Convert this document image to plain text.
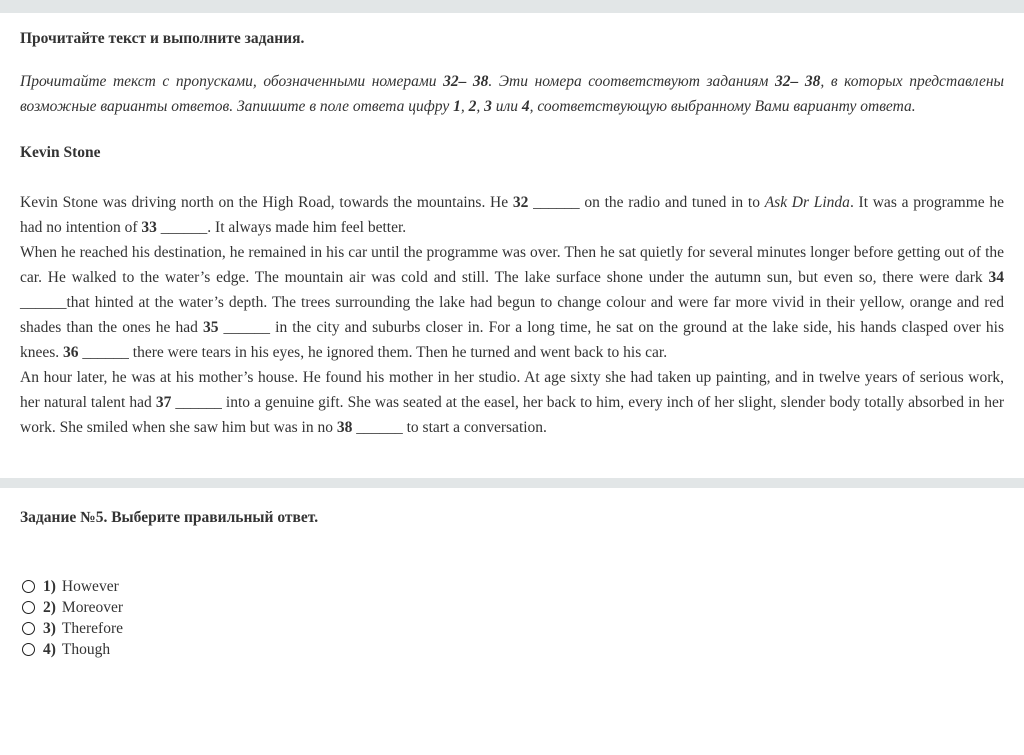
Прочитайте текст и выполните задания.

Прочитайте текст с пропусками, обозначенными номерами 32– 38. Эти номера соответствуют заданиям 32– 38, в которых представлены возможные варианты ответов. Запишите в поле ответа цифру 1, 2, 3 или 4, соответствующую выбранному Вами варианту ответа.

Kevin Stone

Kevin Stone was driving north on the High Road, towards the mountains. He 32 ______ on the radio and tuned in to Ask Dr Linda. It was a programme he had no intention of 33 ______. It always made him feel better.

When he reached his destination, he remained in his car until the programme was over. Then he sat quietly for several minutes longer before getting out of the car. He walked to the water’s edge. The mountain air was cold and still. The lake surface shone under the autumn sun, but even so, there were dark 34 ______that hinted at the water’s depth. The trees surrounding the lake had begun to change colour and were far more vivid in their yellow, orange and red shades than the ones he had 35 ______ in the city and suburbs closer in. For a long time, he sat on the ground at the lake side, his hands clasped over his knees. 36 ______ there were tears in his eyes, he ignored them. Then he turned and went back to his car.

An hour later, he was at his mother’s house. He found his mother in her studio. At age sixty she had taken up painting, and in twelve years of serious work, her natural talent had 37 ______ into a genuine gift. She was seated at the easel, her back to him, every inch of her slight, slender body totally absorbed in her work. She smiled when she saw him but was in no 38 ______ to start a conversation.

Задание №5. Выберите правильный ответ.
1) However
2) Moreover
3) Therefore
4) Though
